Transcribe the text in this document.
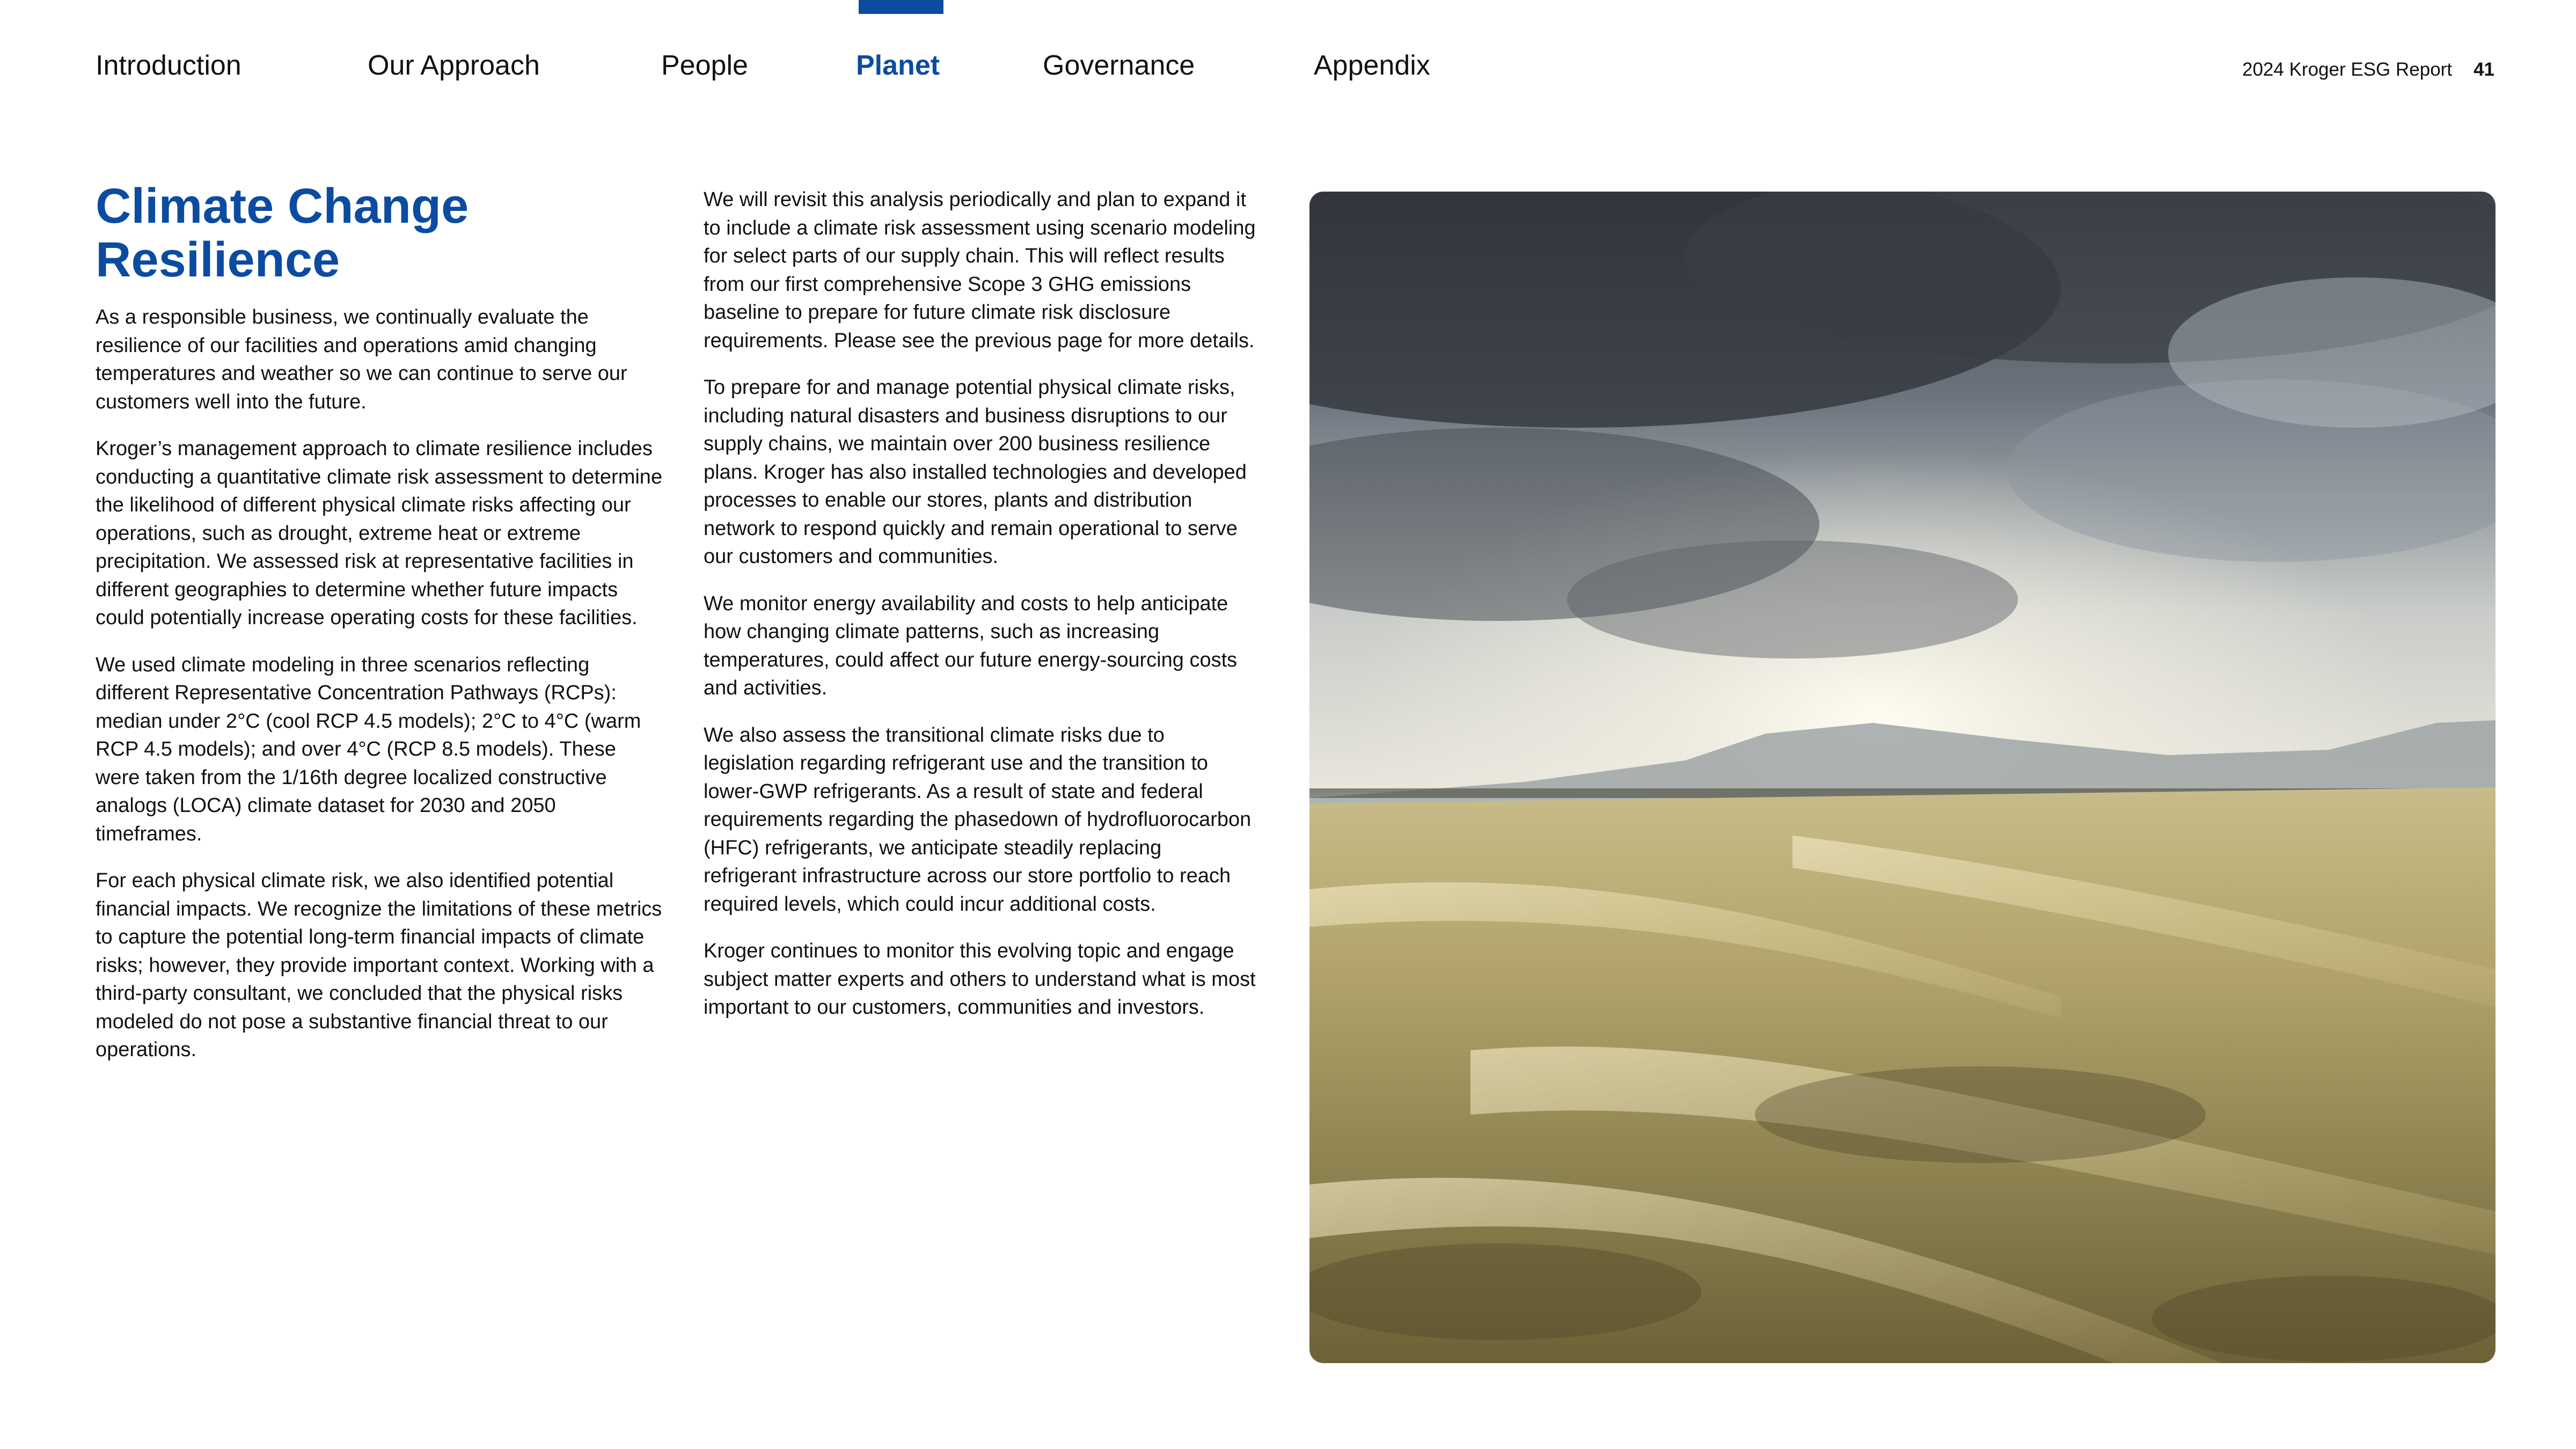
Introduction	Our Approach	People	Planet	Governance	Appendix	2024 Kroger ESG Report 41
Climate Change Resilience

As a responsible business, we continually evaluate the resilience of our facilities and operations amid changing temperatures and weather so we can continue to serve our customers well into the future.

Kroger’s management approach to climate resilience includes conducting a quantitative climate risk assessment to determine the likelihood of different physical climate risks affecting our operations, such as drought, extreme heat or extreme precipitation. We assessed risk at representative facilities in different geographies to determine whether future impacts could potentially increase operating costs for these facilities.

We used climate modeling in three scenarios reflecting different Representative Concentration Pathways (RCPs): median under 2°C (cool RCP 4.5 models); 2°C to 4°C (warm RCP 4.5 models); and over 4°C (RCP 8.5 models). These were taken from the 1/16th degree localized constructive analogs (LOCA) climate dataset for 2030 and 2050 timeframes.

For each physical climate risk, we also identified potential financial impacts. We recognize the limitations of these metrics to capture the potential long-term financial impacts of climate risks; however, they provide important context. Working with a third-party consultant, we concluded that the physical risks modeled do not pose a substantive financial threat to our operations.

We will revisit this analysis periodically and plan to expand it to include a climate risk assessment using scenario modeling for select parts of our supply chain. This will reflect results from our first comprehensive Scope 3 GHG emissions baseline to prepare for future climate risk disclosure requirements. Please see the previous page for more details.

To prepare for and manage potential physical climate risks, including natural disasters and business disruptions to our supply chains, we maintain over 200 business resilience plans. Kroger has also installed technologies and developed processes to enable our stores, plants and distribution network to respond quickly and remain operational to serve our customers and communities.

We monitor energy availability and costs to help anticipate how changing climate patterns, such as increasing temperatures, could affect our future energy-sourcing costs and activities.

We also assess the transitional climate risks due to legislation regarding refrigerant use and the transition to lower-GWP refrigerants. As a result of state and federal requirements regarding the phasedown of hydrofluorocarbon (HFC) refrigerants, we anticipate steadily replacing refrigerant infrastructure across our store portfolio to reach required levels, which could incur additional costs.

Kroger continues to monitor this evolving topic and engage subject matter experts and others to understand what is most important to our customers, communities and investors.
